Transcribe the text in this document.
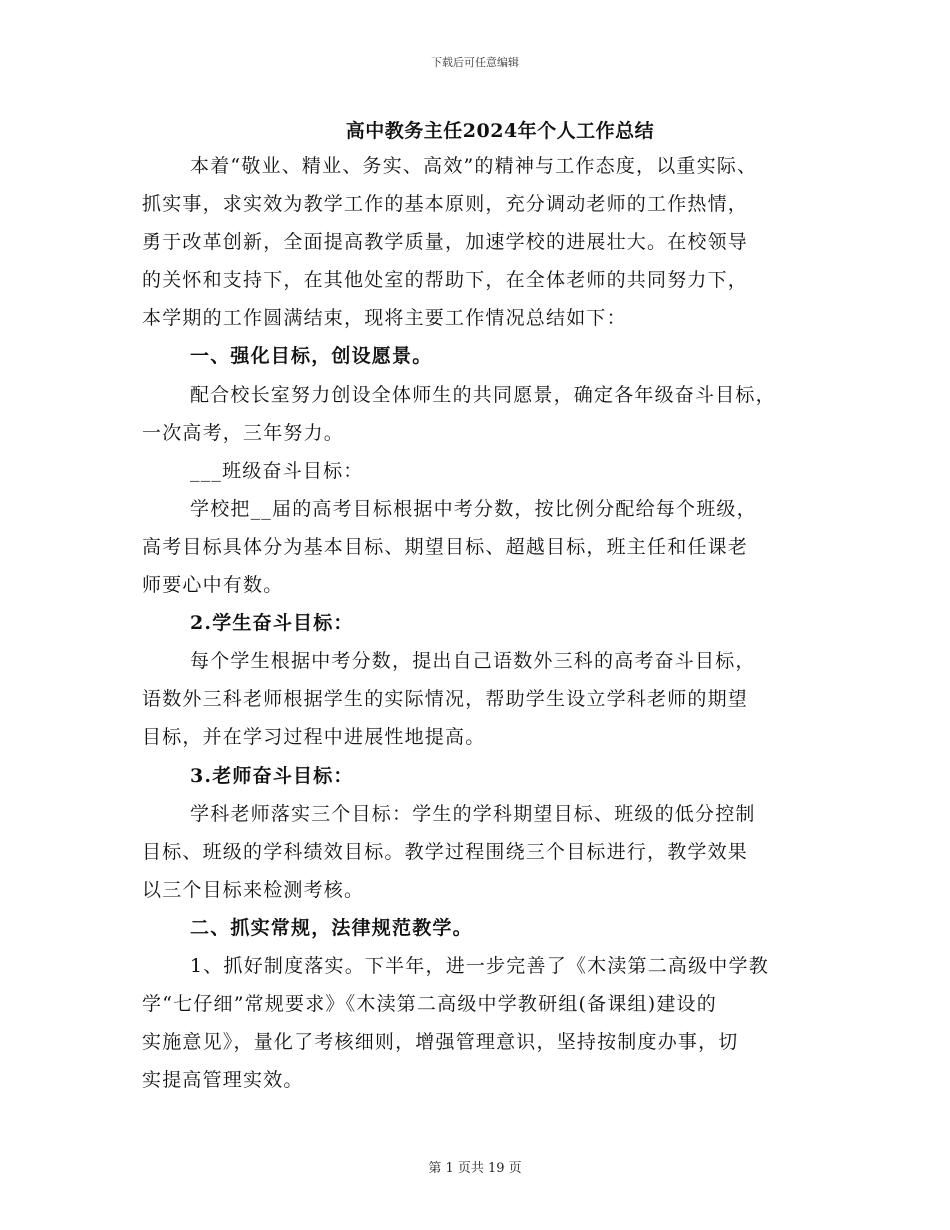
下载后可任意编辑
高中教务主任2024年个人工作总结

本着“敬业、精业、务实、高效”的精神与工作态度，以重实际、

抓实事，求实效为教学工作的基本原则，充分调动老师的工作热情，

勇于改革创新，全面提高教学质量，加速学校的进展壮大。在校领导

的关怀和支持下，在其他处室的帮助下，在全体老师的共同努力下，

本学期的工作圆满结束，现将主要工作情况总结如下：

一、强化目标，创设愿景。

配合校长室努力创设全体师生的共同愿景，确定各年级奋斗目标，

一次高考，三年努力。

___班级奋斗目标：

学校把__届的高考目标根据中考分数，按比例分配给每个班级，

高考目标具体分为基本目标、期望目标、超越目标，班主任和任课老

师要心中有数。

2.学生奋斗目标：

每个学生根据中考分数，提出自己语数外三科的高考奋斗目标，

语数外三科老师根据学生的实际情况，帮助学生设立学科老师的期望

目标，并在学习过程中进展性地提高。

3.老师奋斗目标：

学科老师落实三个目标：学生的学科期望目标、班级的低分控制

目标、班级的学科绩效目标。教学过程围绕三个目标进行，教学效果

以三个目标来检测考核。

二、抓实常规，法律规范教学。

1、抓好制度落实。下半年，进一步完善了《木渎第二高级中学教

学“七仔细”常规要求》《木渎第二高级中学教研组(备课组)建设的

实施意见》，量化了考核细则，增强管理意识，坚持按制度办事，切

实提高管理实效。

第 1 页共 19 页
